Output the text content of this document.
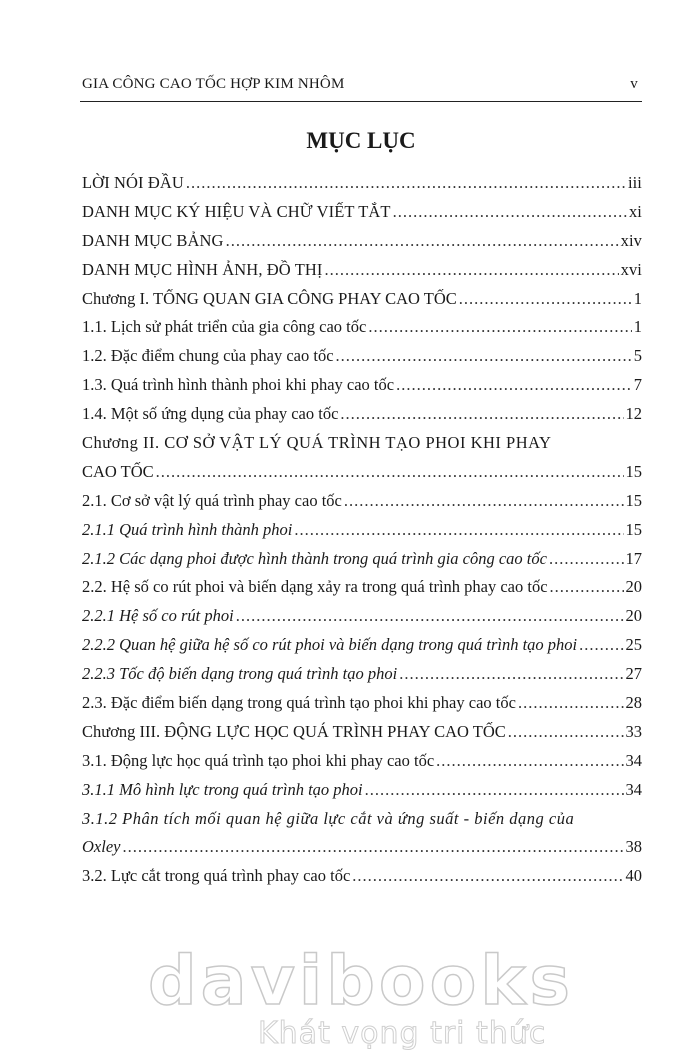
GIA CÔNG CAO TỐC HỢP KIM NHÔM	v
MỤC LỤC
LỜI NÓI ĐẦU .....	iii
DANH MỤC KÝ HIỆU VÀ CHỮ VIẾT TẮT .....	xi
DANH MỤC BẢNG .....	xiv
DANH MỤC HÌNH ẢNH, ĐỒ THỊ .....	xvi
Chương I. TỔNG QUAN GIA CÔNG PHAY CAO TỐC .....	1
1.1. Lịch sử phát triển của gia công cao tốc .....	1
1.2. Đặc điểm chung của phay cao tốc .....	5
1.3. Quá trình hình thành phoi khi phay cao tốc .....	7
1.4. Một số ứng dụng của phay cao tốc .....	12
Chương II. CƠ SỞ VẬT LÝ QUÁ TRÌNH TẠO PHOI KHI PHAY
CAO TỐC .....	15
2.1. Cơ sở vật lý quá trình phay cao tốc .....	15
2.1.1 Quá trình hình thành phoi .....	15
2.1.2 Các dạng phoi được hình thành trong quá trình gia công cao tốc .....	17
2.2. Hệ số co rút phoi và biến dạng xảy ra trong quá trình phay cao tốc .....	20
2.2.1 Hệ số co rút phoi .....	20
2.2.2 Quan hệ giữa hệ số co rút phoi và biến dạng trong quá trình tạo phoi .....	25
2.2.3 Tốc độ biến dạng trong quá trình tạo phoi .....	27
2.3. Đặc điểm biến dạng trong quá trình tạo phoi khi phay cao tốc .....	28
Chương III. ĐỘNG LỰC HỌC QUÁ TRÌNH PHAY CAO TỐC .....	33
3.1. Động lực học quá trình tạo phoi khi phay cao tốc .....	34
3.1.1 Mô hình lực trong quá trình tạo phoi .....	34
3.1.2 Phân tích mối quan hệ giữa lực cắt và ứng suất - biến dạng của
Oxley .....	38
3.2. Lực cắt trong quá trình phay cao tốc .....	40
davibooks
Khát vọng tri thức
